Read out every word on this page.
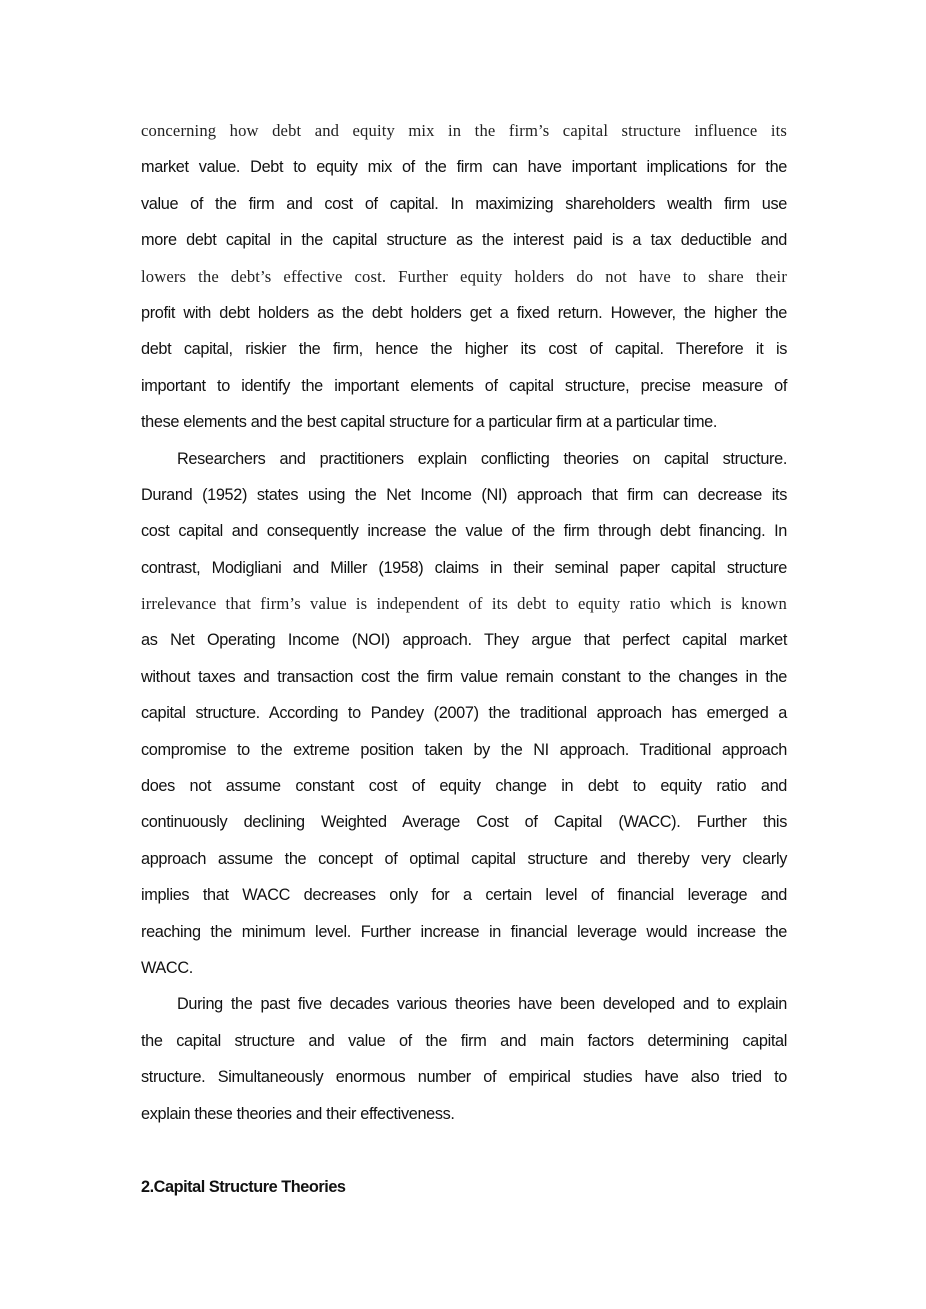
concerning how debt and equity mix in the firm’s capital structure influence its
market value. Debt to equity mix of the firm can have important implications for the
value of the firm and cost of capital. In maximizing shareholders wealth firm use
more debt capital in the capital structure as the interest paid is a tax deductible and
lowers the debt’s effective cost. Further equity holders do not have to share their
profit with debt holders as the debt holders get a fixed return. However, the higher the
debt capital, riskier the firm, hence the higher its cost of capital. Therefore it is
important to identify the important elements of capital structure, precise measure of
these elements and the best capital structure for a particular firm at a particular time.
Researchers and practitioners explain conflicting theories on capital structure.
Durand (1952) states using the Net Income (NI) approach that firm can decrease its
cost capital and consequently increase the value of the firm through debt financing. In
contrast, Modigliani and Miller (1958) claims in their seminal paper capital structure
irrelevance that firm’s value is independent of its debt to equity ratio which is known
as Net Operating Income (NOI) approach. They argue that perfect capital market
without taxes and transaction cost the firm value remain constant to the changes in the
capital structure. According to Pandey (2007) the traditional approach has emerged a
compromise to the extreme position taken by the NI approach. Traditional approach
does not assume constant cost of equity change in debt to equity ratio and
continuously declining Weighted Average Cost of Capital (WACC). Further this
approach assume the concept of optimal capital structure and thereby very clearly
implies that WACC decreases only for a certain level of financial leverage and
reaching the minimum level. Further increase in financial leverage would increase the
WACC.
During the past five decades various theories have been developed and to explain
the capital structure and value of the firm and main factors determining capital
structure. Simultaneously enormous number of empirical studies have also tried to
explain these theories and their effectiveness.
2.Capital Structure Theories
